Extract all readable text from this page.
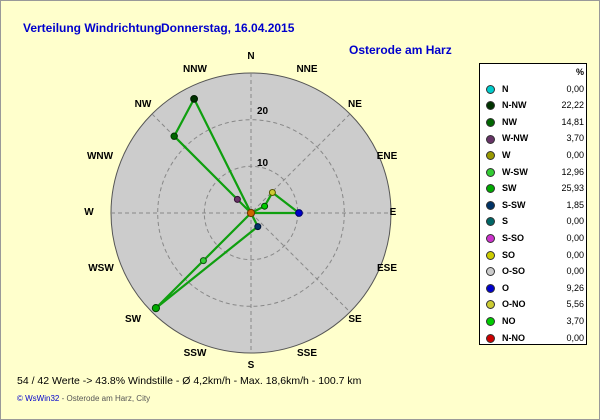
Verteilung Windrichtung Donnerstag, 16.04.2015
Osterode am Harz
N
NNE
NE
ENE
E
ESE
SE
SSE
S
SSW
WSW
W
WNW
NW
NNW
SW
10
20
		%
	N	0,00
	N-NW	22,22
	NW	14,81
	W-NW	3,70
	W	0,00
	W-SW	12,96
	SW	25,93
	S-SW	1,85
	S	0,00
	S-SO	0,00
	SO	0,00
	O-SO	0,00
	O	9,26
	O-NO	5,56
	NO	3,70
	N-NO	0,00
54 / 42 Werte -> 43.8% Windstille - Ø 4,2km/h - Max. 18,6km/h - 100.7 km
© WsWin32 - Osterode am Harz, City
